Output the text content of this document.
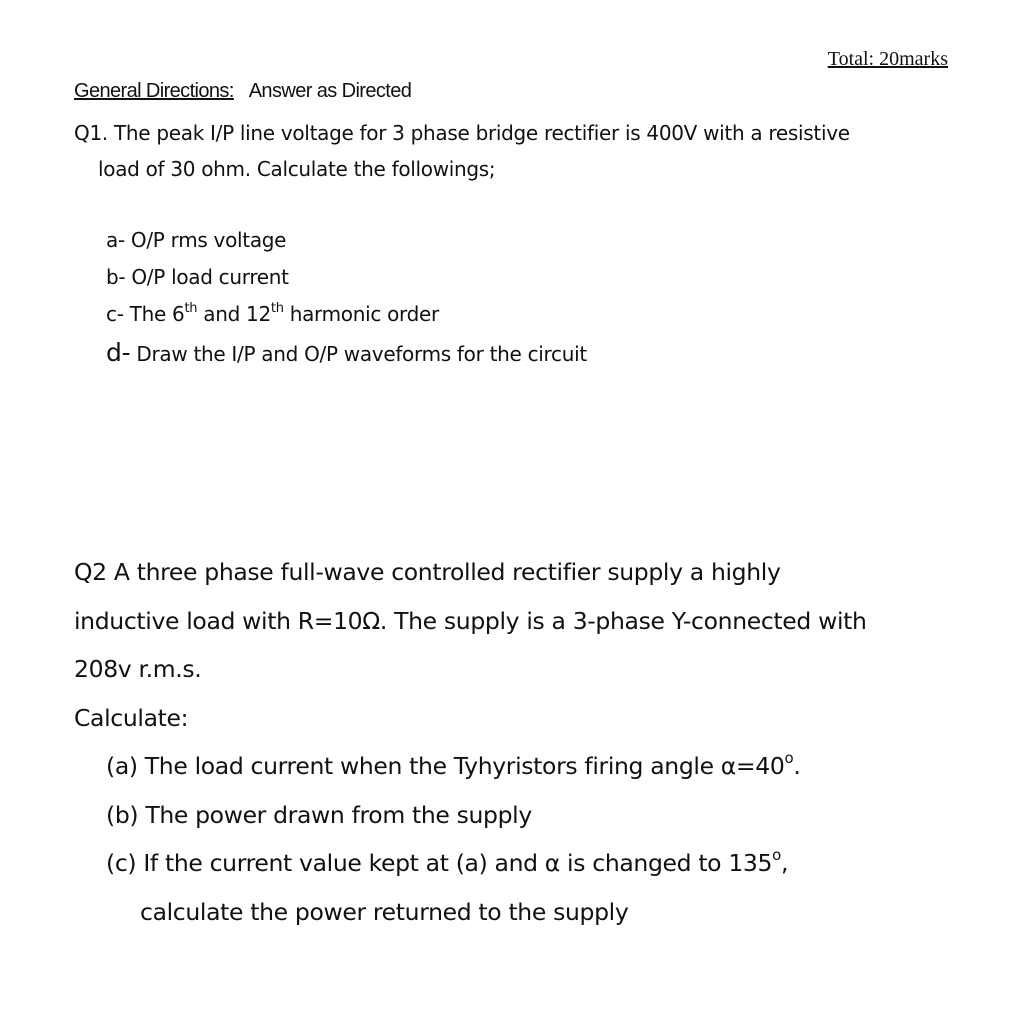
Total: 20marks
General Directions: Answer as Directed
Q1. The peak I/P line voltage for 3 phase bridge rectifier is 400V with a resistive
load of 30 ohm. Calculate the followings;
a- O/P rms voltage
b- O/P load current
c- The 6th and 12th harmonic order
d- Draw the I/P and O/P waveforms for the circuit
Q2 A three phase full-wave controlled rectifier supply a highly
inductive load with R=10Ω. The supply is a 3-phase Y-connected with
208v r.m.s.
Calculate:
(a) The load current when the Tyhyristors firing angle $\alpha=40^o$.
(b) The power drawn from the supply
(c) If the current value kept at (a) and α is changed to 135$^o$,
calculate the power returned to the supply
